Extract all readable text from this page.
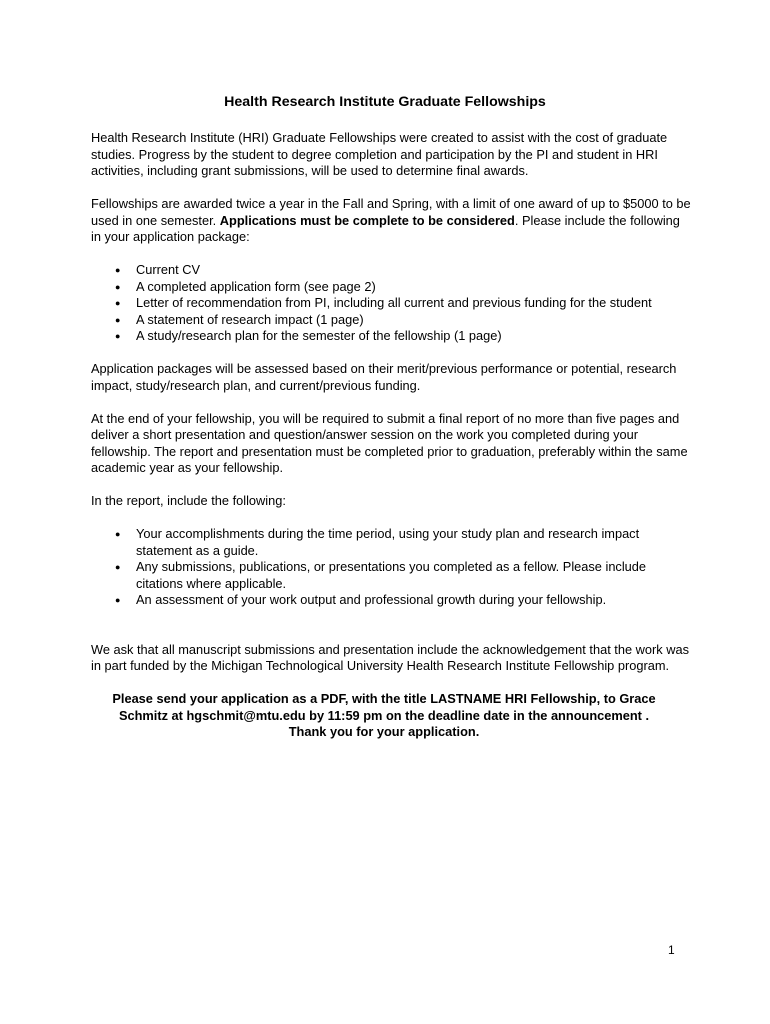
Health Research Institute Graduate Fellowships

Health Research Institute (HRI) Graduate Fellowships were created to assist with the cost of graduate studies. Progress by the student to degree completion and participation by the PI and student in HRI activities, including grant submissions, will be used to determine final awards.

Fellowships are awarded twice a year in the Fall and Spring, with a limit of one award of up to $5000 to be used in one semester. Applications must be complete to be considered. Please include the following in your application package:

● Current CV
● A completed application form (see page 2)
● Letter of recommendation from PI, including all current and previous funding for the student
● A statement of research impact (1 page)
● A study/research plan for the semester of the fellowship (1 page)

Application packages will be assessed based on their merit/previous performance or potential, research impact, study/research plan, and current/previous funding.

At the end of your fellowship, you will be required to submit a final report of no more than five pages and deliver a short presentation and question/answer session on the work you completed during your fellowship. The report and presentation must be completed prior to graduation, preferably within the same academic year as your fellowship.

In the report, include the following:

● Your accomplishments during the time period, using your study plan and research impact statement as a guide.
● Any submissions, publications, or presentations you completed as a fellow. Please include citations where applicable.
● An assessment of your work output and professional growth during your fellowship.

We ask that all manuscript submissions and presentation include the acknowledgement that the work was in part funded by the Michigan Technological University Health Research Institute Fellowship program.

Please send your application as a PDF, with the title LASTNAME HRI Fellowship, to Grace Schmitz at hgschmit@mtu.edu by 11:59 pm on the deadline date in the announcement .
Thank you for your application.

1
